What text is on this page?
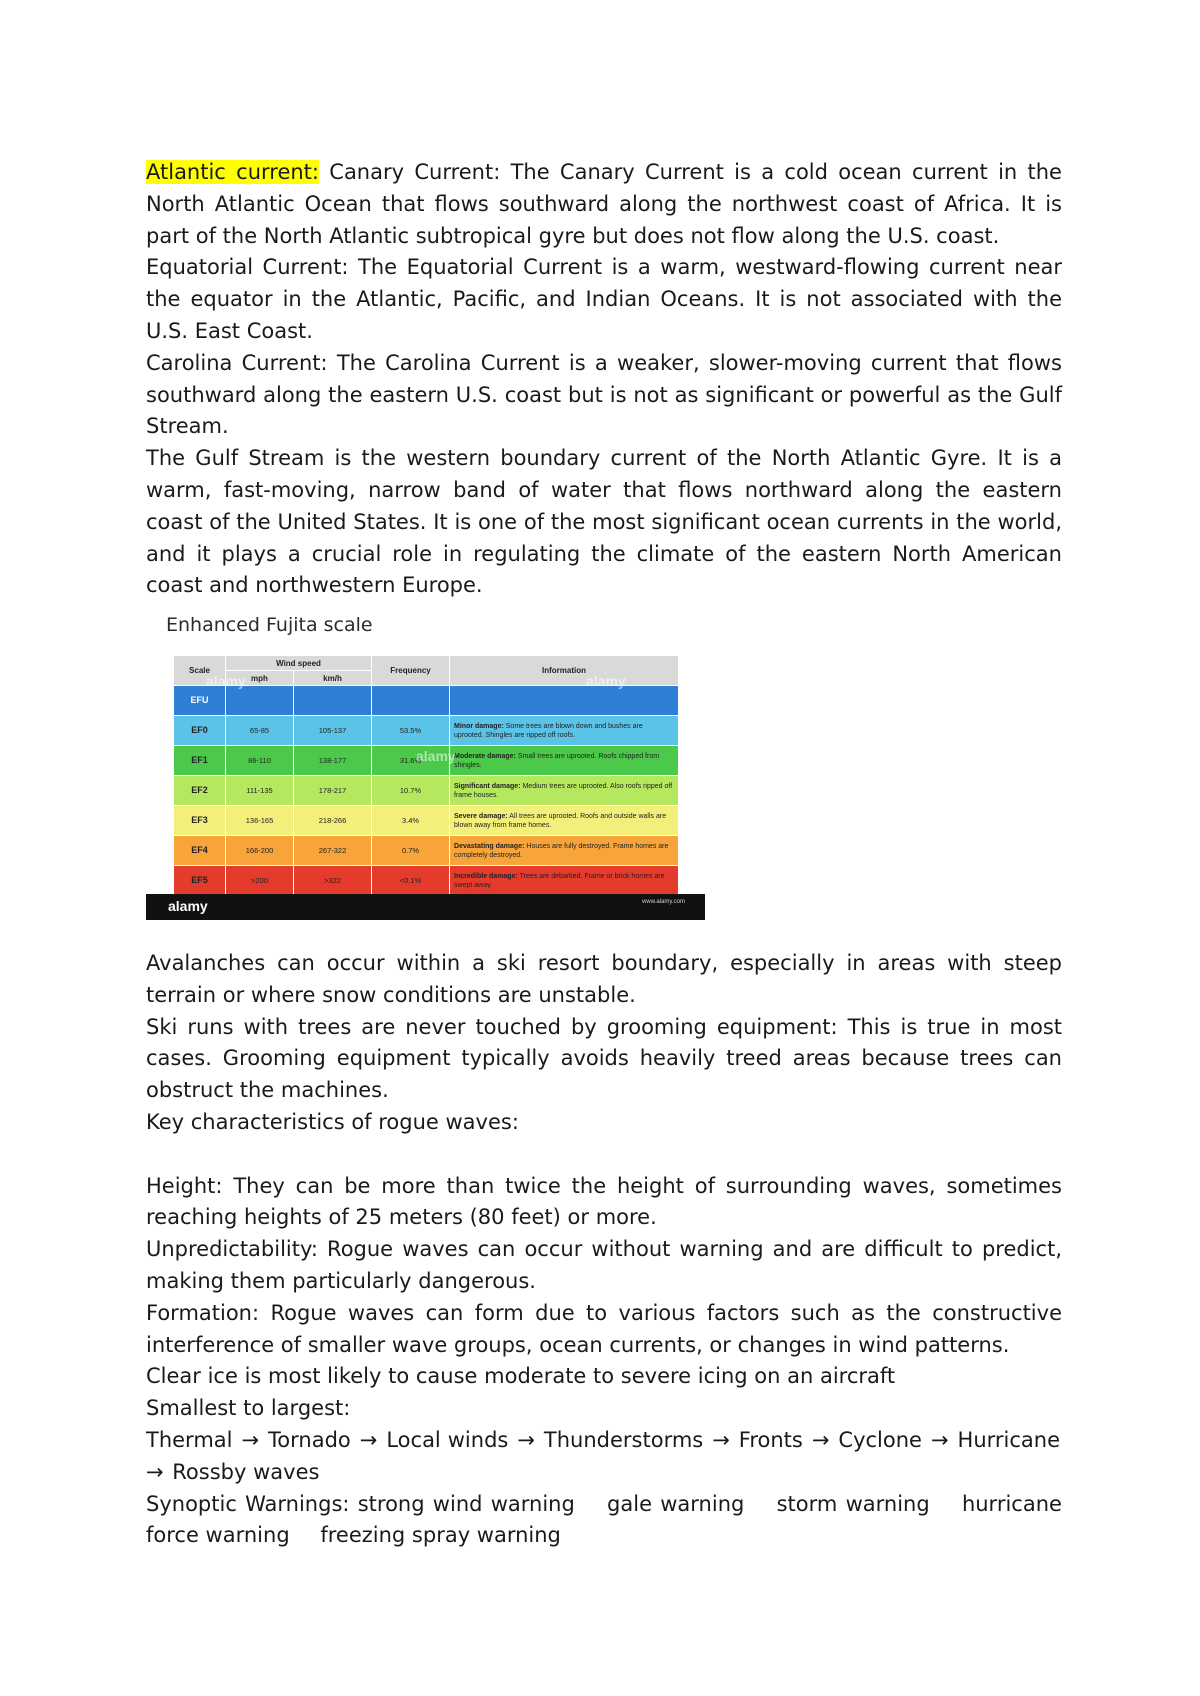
Atlantic current: Canary Current: The Canary Current is a cold ocean current in the North Atlantic Ocean that flows southward along the northwest coast of Africa. It is part of the North Atlantic subtropical gyre but does not flow along the U.S. coast.

Equatorial Current: The Equatorial Current is a warm, westward-flowing current near the equator in the Atlantic, Pacific, and Indian Oceans. It is not associated with the U.S. East Coast.

Carolina Current: The Carolina Current is a weaker, slower-moving current that flows southward along the eastern U.S. coast but is not as significant or powerful as the Gulf Stream.

The Gulf Stream is the western boundary current of the North Atlantic Gyre. It is a warm, fast-moving, narrow band of water that flows northward along the eastern coast of the United States. It is one of the most significant ocean currents in the world, and it plays a crucial role in regulating the climate of the eastern North American coast and northwestern Europe.

Enhanced Fujita scale
Scale	Wind speed		Frequency	Information
	mph	km/h		
EFU				
EF0	65-85	105-137	53.5%	Minor damage: Some trees are blown down and bushes are uprooted. Shingles are ripped off roofs.
EF1	86-110	138-177	31.6%	Moderate damage: Small trees are uprooted. Roofs chipped from shingles.
EF2	111-135	178-217	10.7%	Significant damage: Medium trees are uprooted. Also roofs ripped off frame houses.
EF3	136-165	218-266	3.4%	Severe damage: All trees are uprooted. Roofs and outside walls are blown away from frame homes.
EF4	166-200	267-322	0.7%	Devastating damage: Houses are fully destroyed. Frame homes are completely destroyed.
EF5	>200	>322	<0.1%	Incredible damage: Trees are debarked. Frame or brick homes are swept away.
alamy
alamy
alamy
alamy	www.alamy.com

Avalanches can occur within a ski resort boundary, especially in areas with steep terrain or where snow conditions are unstable.

Ski runs with trees are never touched by grooming equipment: This is true in most cases. Grooming equipment typically avoids heavily treed areas because trees can obstruct the machines.

Key characteristics of rogue waves:

Height: They can be more than twice the height of surrounding waves, sometimes reaching heights of 25 meters (80 feet) or more.

Unpredictability: Rogue waves can occur without warning and are difficult to predict, making them particularly dangerous.

Formation: Rogue waves can form due to various factors such as the constructive interference of smaller wave groups, ocean currents, or changes in wind patterns.

Clear ice is most likely to cause moderate to severe icing on an aircraft

Smallest to largest:

Thermal → Tornado → Local winds → Thunderstorms → Fronts → Cyclone → Hurricane → Rossby waves

Synoptic Warnings: strong wind warning gale warning storm warning hurricane force warning freezing spray warning
